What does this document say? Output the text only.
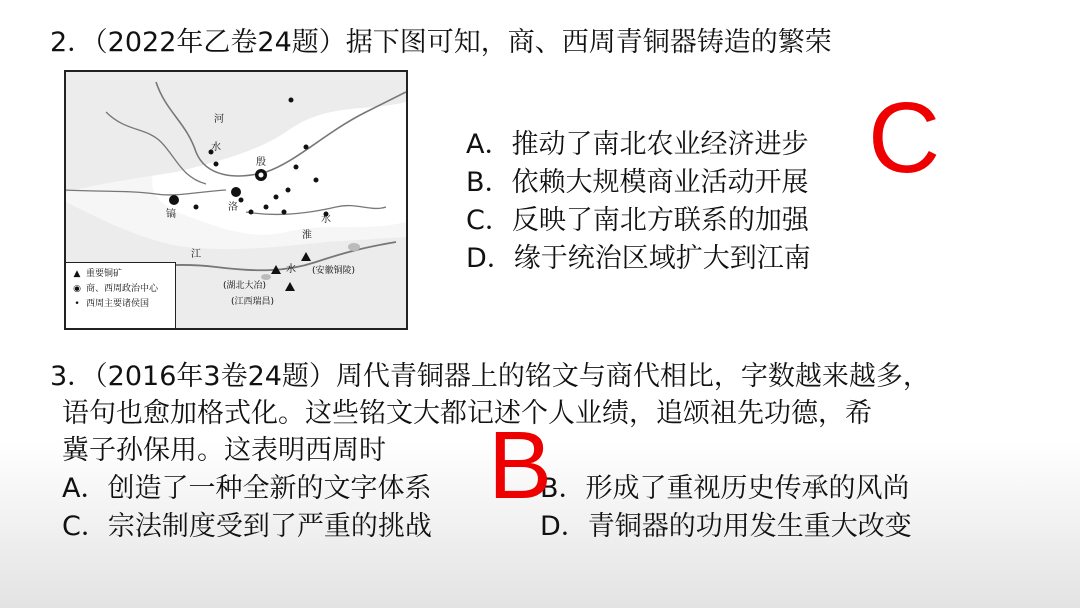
2．（2022年乙卷24题）据下图可知，商、西周青铜器铸造的繁荣
河
水
殷
洛
镐
淮
水
江
水
(湖北大冶)
(江西瑞昌)
(安徽铜陵)
▲ 重要铜矿
◉ 商、西周政治中心
• 西周主要诸侯国
A．推动了南北农业经济进步
B．依赖大规模商业活动开展
C．反映了南北方联系的加强
D．缘于统治区域扩大到江南
C
3．（2016年3卷24题）周代青铜器上的铭文与商代相比，字数越来越多，
语句也愈加格式化。这些铭文大都记述个人业绩，追颂祖先功德，希
冀子孙保用。这表明西周时
A．创造了一种全新的文字体系	B．形成了重视历史传承的风尚
C．宗法制度受到了严重的挑战	D．青铜器的功用发生重大改变
B
